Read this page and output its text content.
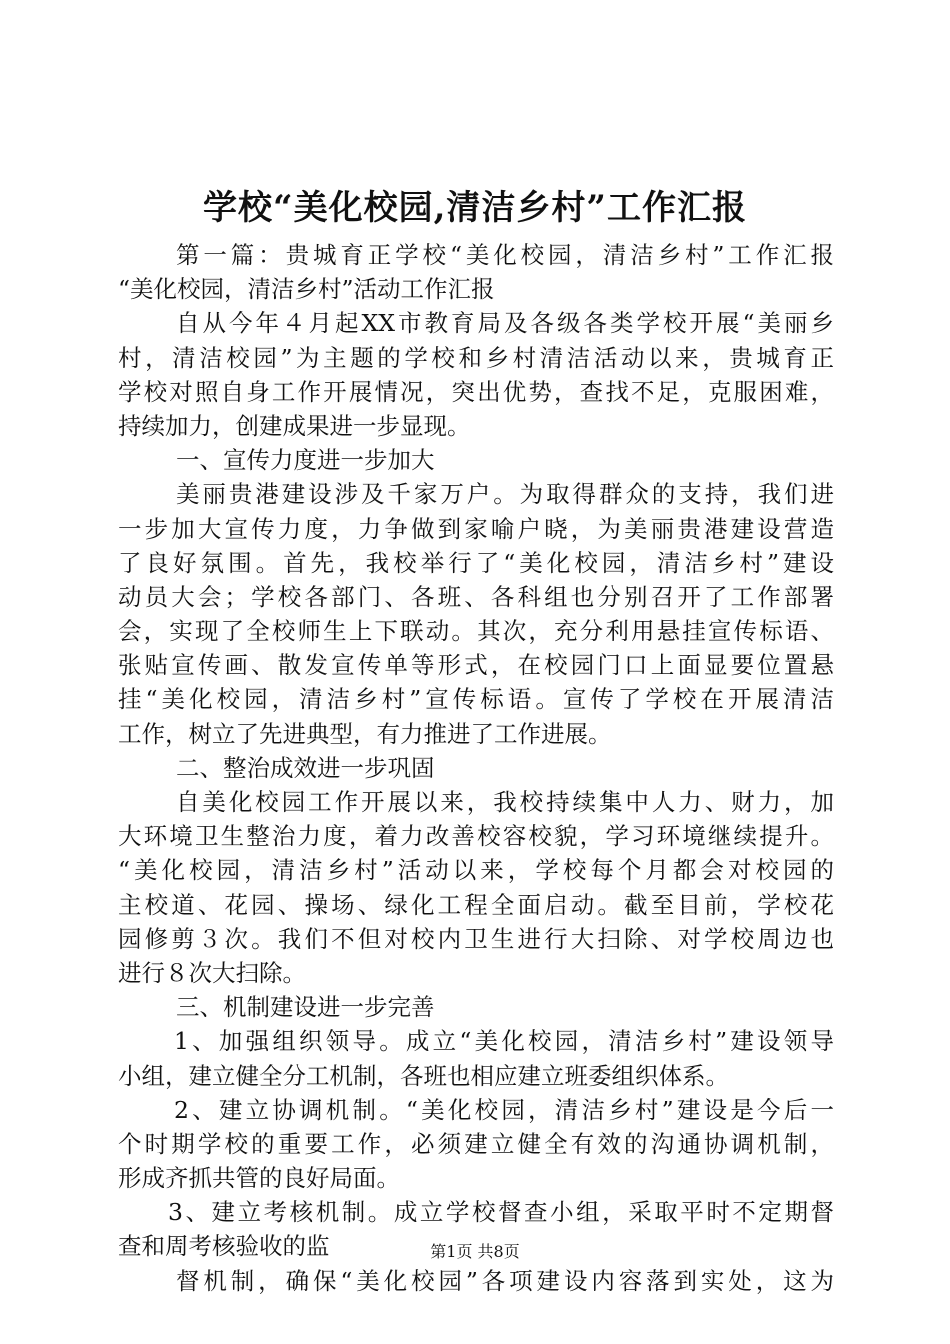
学校“美化校园,清洁乡村”工作汇报
第一篇：贵城育正学校“美化校园，清洁乡村”工作汇报
“美化校园，清洁乡村”活动工作汇报
自从今年４月起XX市教育局及各级各类学校开展“美丽乡
村，清洁校园”为主题的学校和乡村清洁活动以来，贵城育正
学校对照自身工作开展情况，突出优势，查找不足，克服困难，
持续加力，创建成果进一步显现。
一、宣传力度进一步加大
美丽贵港建设涉及千家万户。为取得群众的支持，我们进
一步加大宣传力度，力争做到家喻户晓，为美丽贵港建设营造
了良好氛围。首先，我校举行了“美化校园，清洁乡村”建设
动员大会；学校各部门、各班、各科组也分别召开了工作部署
会，实现了全校师生上下联动。其次，充分利用悬挂宣传标语、
张贴宣传画、散发宣传单等形式，在校园门口上面显要位置悬
挂“美化校园，清洁乡村”宣传标语。宣传了学校在开展清洁
工作，树立了先进典型，有力推进了工作进展。
二、整治成效进一步巩固
自美化校园工作开展以来，我校持续集中人力、财力，加
大环境卫生整治力度，着力改善校容校貌，学习环境继续提升。
“美化校园，清洁乡村”活动以来，学校每个月都会对校园的
主校道、花园、操场、绿化工程全面启动。截至目前，学校花
园修剪３次。我们不但对校内卫生进行大扫除、对学校周边也
进行８次大扫除。
三、机制建设进一步完善
1、加强组织领导。成立“美化校园，清洁乡村”建设领导
小组，建立健全分工机制，各班也相应建立班委组织体系。
2、建立协调机制。“美化校园，清洁乡村”建设是今后一
个时期学校的重要工作，必须建立健全有效的沟通协调机制，
形成齐抓共管的良好局面。
3、建立考核机制。成立学校督查小组，采取平时不定期督
查和周考核验收的监
督机制，确保“美化校园”各项建设内容落到实处，这为
第1页 共8页
